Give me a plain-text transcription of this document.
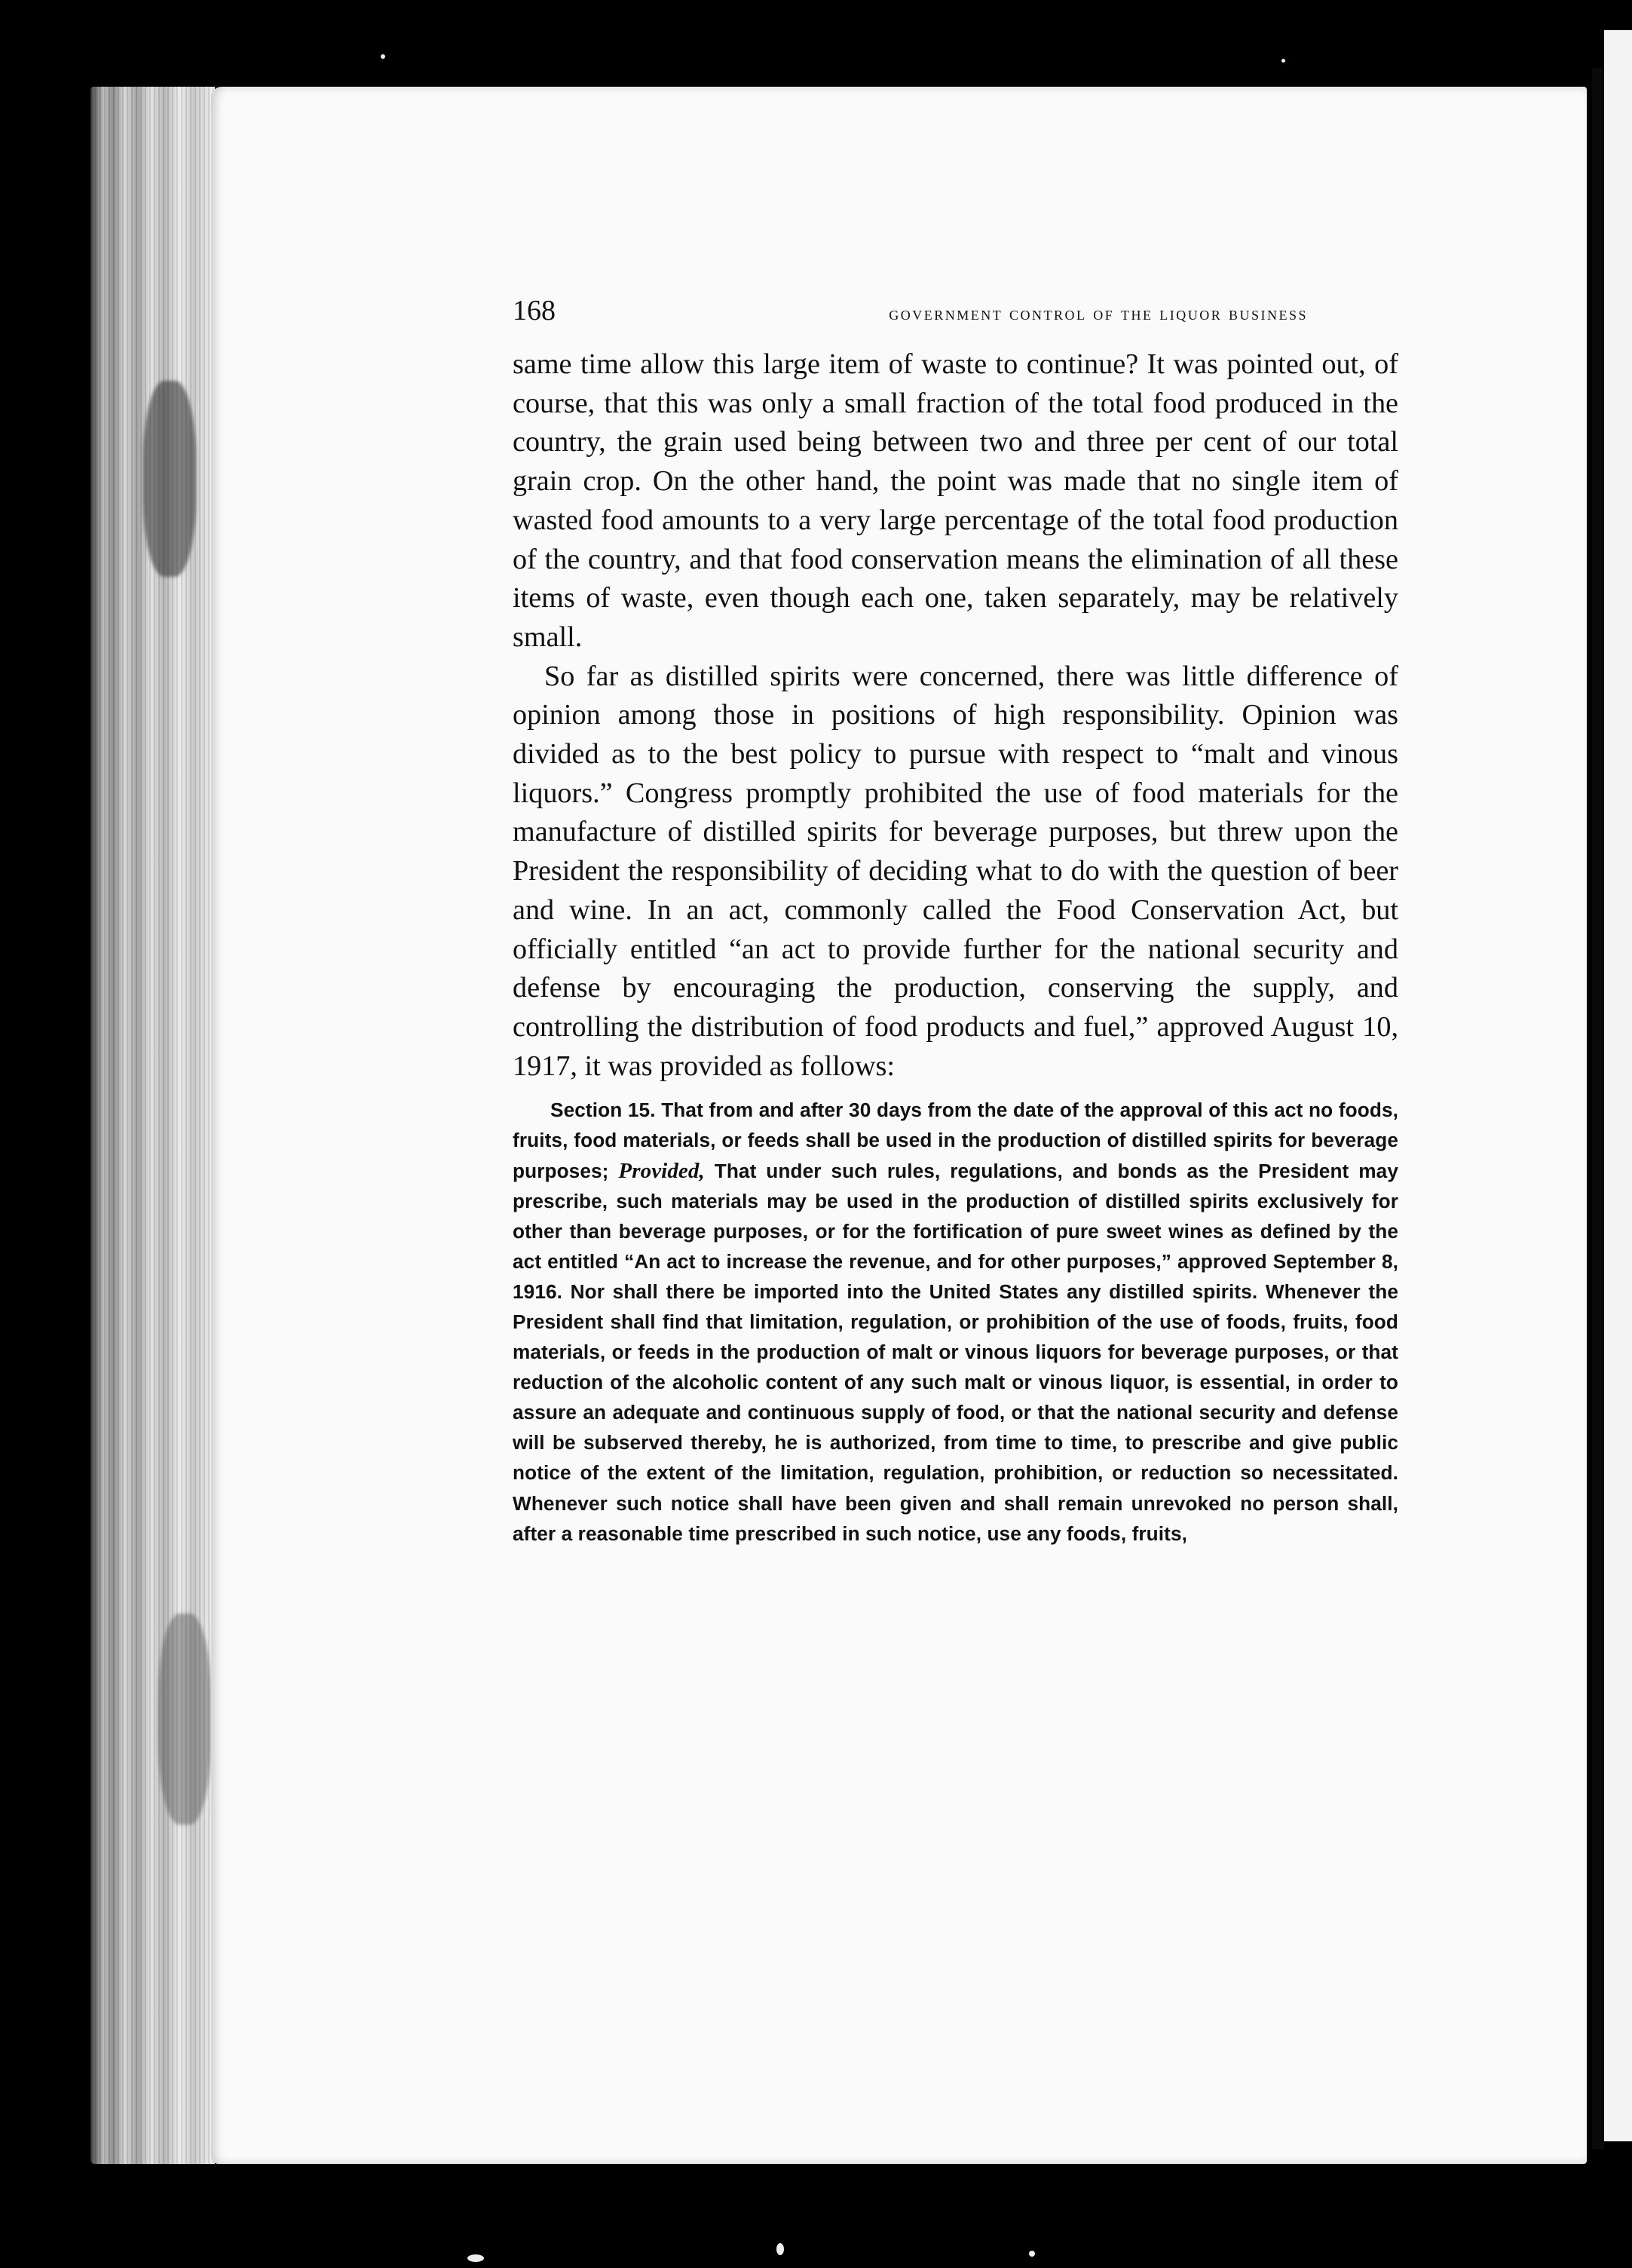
168	government control of the liquor business

same time allow this large item of waste to continue? It was pointed out, of course, that this was only a small fraction of the total food produced in the country, the grain used being between two and three per cent of our total grain crop. On the other hand, the point was made that no single item of wasted food amounts to a very large percentage of the total food production of the country, and that food conservation means the elimination of all these items of waste, even though each one, taken separately, may be relatively small.

So far as distilled spirits were concerned, there was little difference of opinion among those in positions of high responsibility. Opinion was divided as to the best policy to pursue with respect to “malt and vinous liquors.” Congress promptly prohibited the use of food materials for the manufacture of distilled spirits for beverage purposes, but threw upon the President the responsibility of deciding what to do with the question of beer and wine. In an act, commonly called the Food Conservation Act, but officially entitled “an act to provide further for the national security and defense by encouraging the production, conserving the supply, and controlling the distribution of food products and fuel,” approved August 10, 1917, it was provided as follows:

Section 15. That from and after 30 days from the date of the approval of this act no foods, fruits, food materials, or feeds shall be used in the production of distilled spirits for beverage purposes; Provided, That under such rules, regulations, and bonds as the President may prescribe, such materials may be used in the production of distilled spirits exclusively for other than beverage purposes, or for the fortification of pure sweet wines as defined by the act entitled “An act to increase the revenue, and for other purposes,” approved September 8, 1916. Nor shall there be imported into the United States any distilled spirits. Whenever the President shall find that limitation, regulation, or prohibition of the use of foods, fruits, food materials, or feeds in the production of malt or vinous liquors for beverage purposes, or that reduction of the alcoholic content of any such malt or vinous liquor, is essential, in order to assure an adequate and continuous supply of food, or that the national security and defense will be subserved thereby, he is authorized, from time to time, to prescribe and give public notice of the extent of the limitation, regulation, prohibition, or reduction so necessitated. Whenever such notice shall have been given and shall remain unrevoked no person shall, after a reasonable time prescribed in such notice, use any foods, fruits,
